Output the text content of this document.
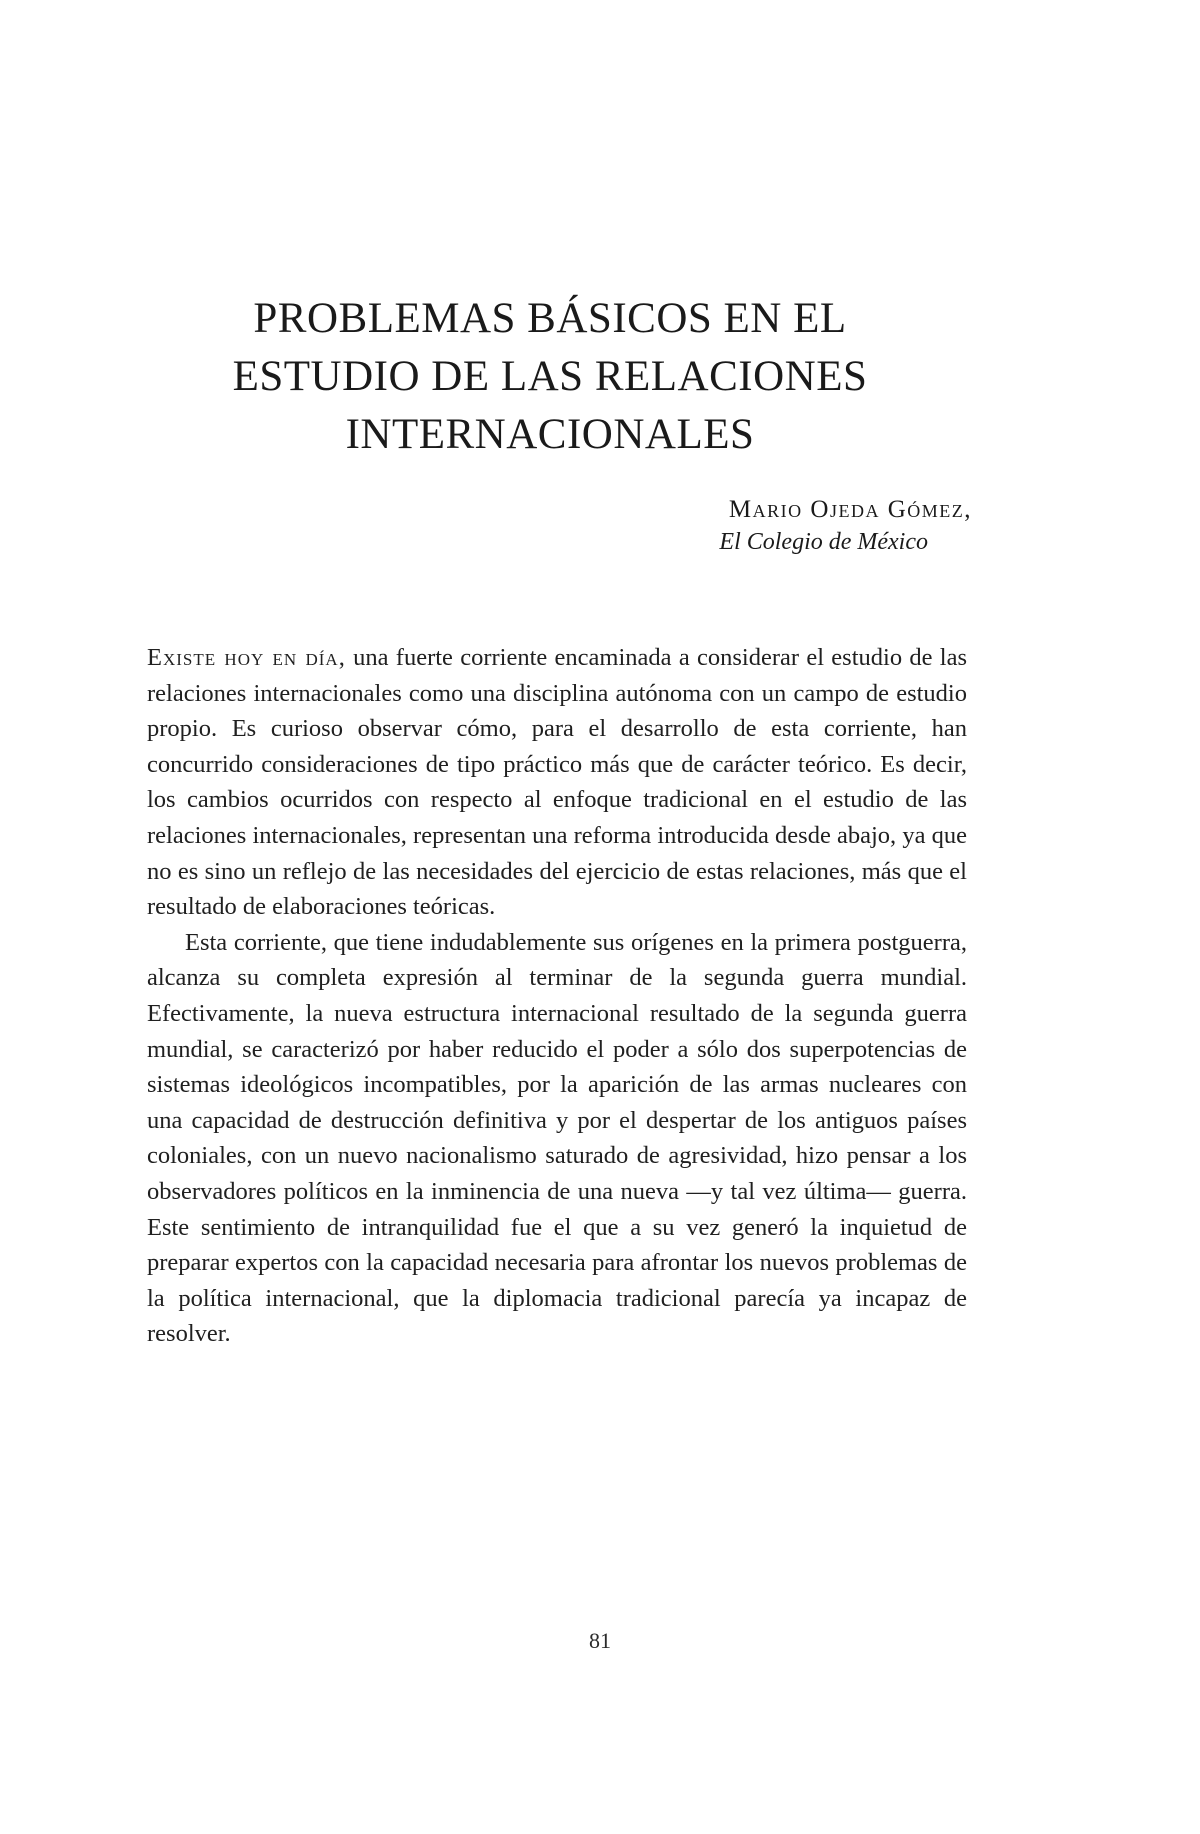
PROBLEMAS BÁSICOS EN EL
ESTUDIO DE LAS RELACIONES
INTERNACIONALES
Mario Ojeda Gómez,
El Colegio de México

Existe hoy en día, una fuerte corriente encaminada a considerar el estudio de las relaciones internacionales como una disciplina autónoma con un campo de estudio propio. Es curioso observar cómo, para el desarrollo de esta corriente, han concurrido consideraciones de tipo práctico más que de carácter teórico. Es decir, los cambios ocurridos con respecto al enfoque tradicional en el estudio de las relaciones internacionales, representan una reforma introducida desde abajo, ya que no es sino un reflejo de las necesidades del ejercicio de estas relaciones, más que el resultado de elaboraciones teóricas.

Esta corriente, que tiene indudablemente sus orígenes en la primera postguerra, alcanza su completa expresión al terminar de la segunda guerra mundial. Efectivamente, la nueva estructura internacional resultado de la segunda guerra mundial, se caracterizó por haber reducido el poder a sólo dos superpotencias de sistemas ideológicos incompatibles, por la aparición de las armas nucleares con una capacidad de destrucción definitiva y por el despertar de los antiguos países coloniales, con un nuevo nacionalismo saturado de agresividad, hizo pensar a los observadores políticos en la inminencia de una nueva —y tal vez última— guerra. Este sentimiento de intranquilidad fue el que a su vez generó la inquietud de preparar expertos con la capacidad necesaria para afrontar los nuevos problemas de la política internacional, que la diplomacia tradicional parecía ya incapaz de resolver.

81
